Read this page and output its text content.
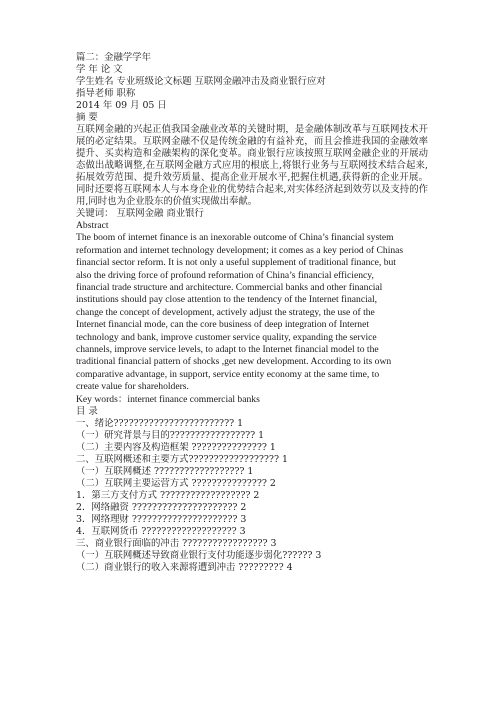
篇二：金融学学年
学 年 论 文
学生姓名 专业班级论文标题 互联网金融冲击及商业银行应对
指导老师 职称
2014 年 09 月 05 日
摘 要
互联网金融的兴起正值我国金融业改革的关键时期，是金融体制改革与互联网技术开展的必定结果。互联网金融不仅是传统金融的有益补充，而且会推进我国的金融效率提升、买卖构造和金融架构的深化变革。商业银行应该按照互联网金融企业的开展动态做出战略调整,在互联网金融方式应用的根底上,将银行业务与互联网技术结合起来,拓展效劳范围、提升效劳质量、提高企业开展水平,把握住机遇,获得新的企业开展。同时还要将互联网本人与本身企业的优势结合起来,对实体经济起到效劳以及支持的作用,同时也为企业股东的价值实现做出奉献。
关键词： 互联网金融 商业银行
Abstract
The boom of internet finance is an inexorable outcome of China’s financial system
reformation and internet technology development; it comes as a key period of Chinas
financial sector reform. It is not only a useful supplement of traditional finance, but
also the driving force of profound reformation of China’s financial efficiency,
financial trade structure and architecture. Commercial banks and other financial
institutions should pay close attention to the tendency of the Internet financial,
change the concept of development, actively adjust the strategy, the use of the
Internet financial mode, can the core business of deep integration of Internet
technology and bank, improve customer service quality, expanding the service
channels, improve service levels, to adapt to the Internet financial model to the
traditional financial pattern of shocks ,get new development. According to its own
comparative advantage, in support, service entity economy at the same time, to
create value for shareholders.
Key words：internet finance commercial banks
目 录
一、绪论???????????????????????? 1
（一）研究背景与目的????????????????? 1
（二）主要内容及构造框架 ??????????????? 1
二、互联网概述和主要方式?????????????????? 1
（一）互联网概述 ?????????????????? 1
（二）互联网主要运营方式 ??????????????? 2
1．第三方支付方式 ?????????????????? 2
2．网络融资 ????????????????????? 2
3．网络理财 ????????????????????? 3
4．互联网货币 ??????????????????? 3
三、商业银行面临的冲击 ????????????????? 3
（一）互联网概述导致商业银行支付功能逐步弱化?????? 3
（二）商业银行的收入来源将遭到冲击 ????????? 4
